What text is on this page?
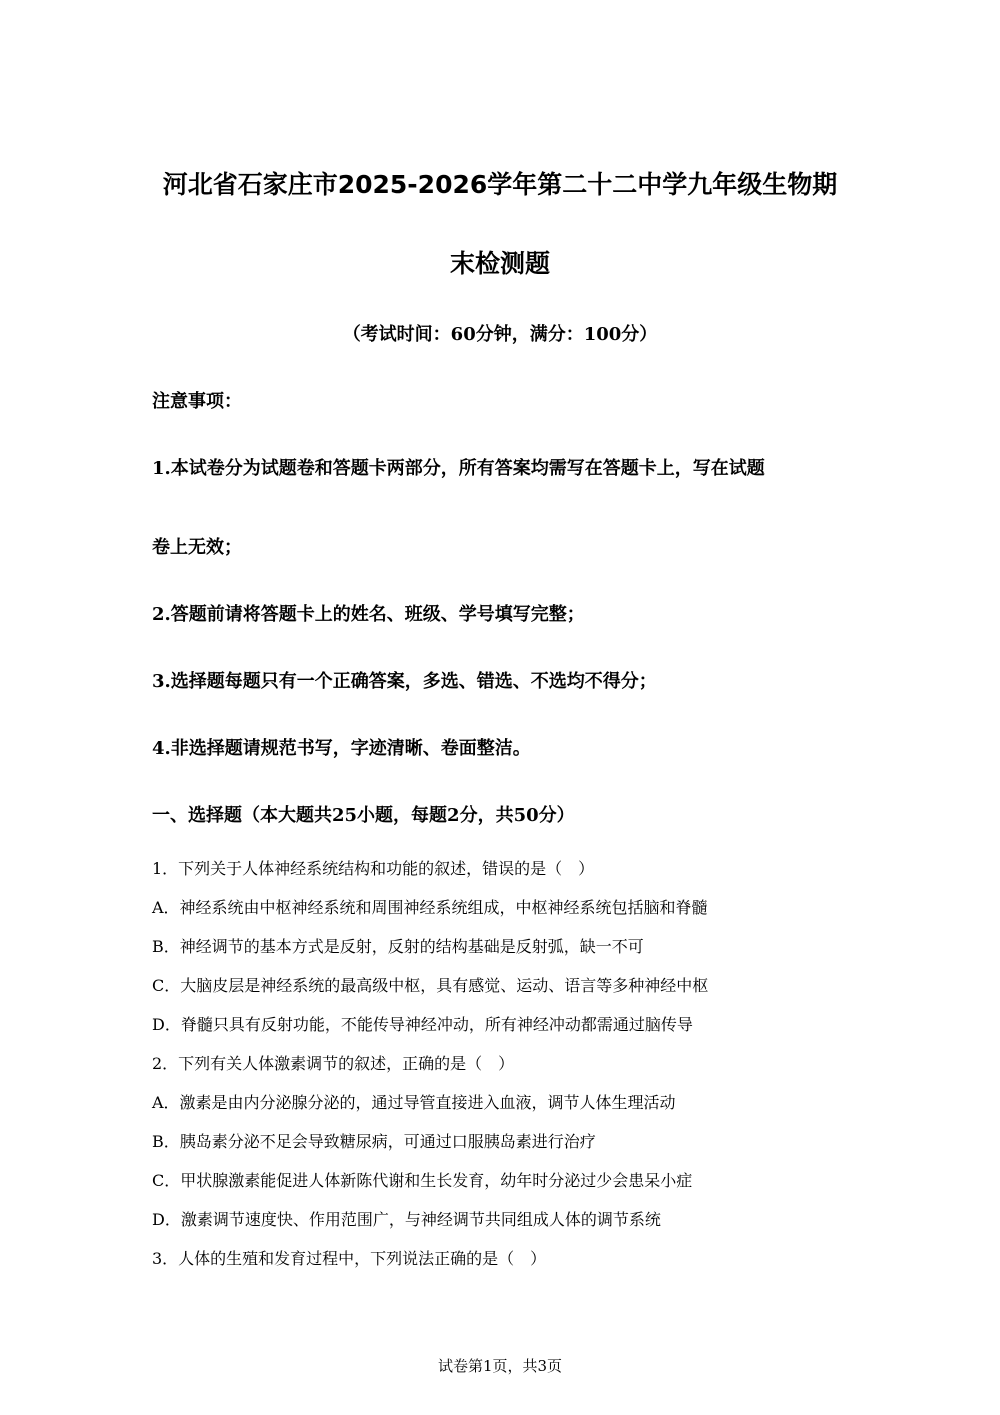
河北省石家庄市2025-2026学年第二十二中学九年级生物期
末检测题
（考试时间：60分钟，满分：100分）
注意事项：
1.本试卷分为试题卷和答题卡两部分，所有答案均需写在答题卡上，写在试题
卷上无效；
2.答题前请将答题卡上的姓名、班级、学号填写完整；
3.选择题每题只有一个正确答案，多选、错选、不选均不得分；
4.非选择题请规范书写，字迹清晰、卷面整洁。
一、选择题（本大题共25小题，每题2分，共50分）
1．下列关于人体神经系统结构和功能的叙述，错误的是（　）
A．神经系统由中枢神经系统和周围神经系统组成，中枢神经系统包括脑和脊髓
B．神经调节的基本方式是反射，反射的结构基础是反射弧，缺一不可
C．大脑皮层是神经系统的最高级中枢，具有感觉、运动、语言等多种神经中枢
D．脊髓只具有反射功能，不能传导神经冲动，所有神经冲动都需通过脑传导
2．下列有关人体激素调节的叙述，正确的是（　）
A．激素是由内分泌腺分泌的，通过导管直接进入血液，调节人体生理活动
B．胰岛素分泌不足会导致糖尿病，可通过口服胰岛素进行治疗
C．甲状腺激素能促进人体新陈代谢和生长发育，幼年时分泌过少会患呆小症
D．激素调节速度快、作用范围广，与神经调节共同组成人体的调节系统
3．人体的生殖和发育过程中，下列说法正确的是（　）
试卷第1页，共3页
